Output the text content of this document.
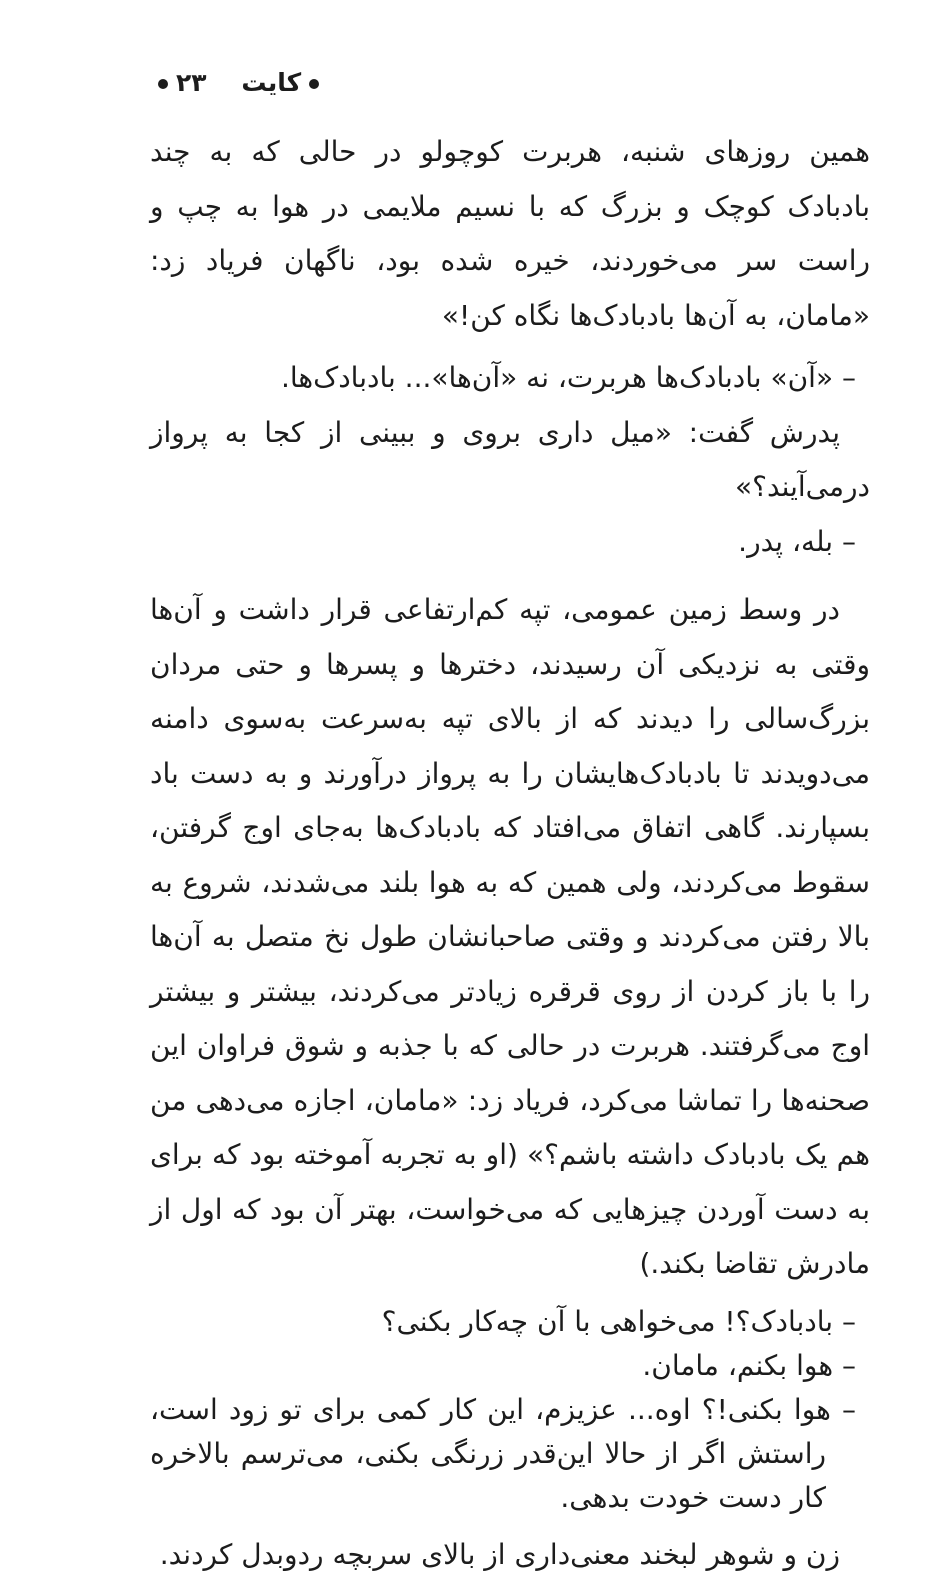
کایت    ۲۳

همین روزهای شنبه، هربرت کوچولو در حالی که به چند بادبادک کوچک و بزرگ که با نسیم ملایمی در هوا به چپ و راست سر می‌خوردند، خیره شده بود، ناگهان فریاد زد: «مامان، به آن‌ها بادبادک‌ها نگاه کن!»

– «آن» بادبادک‌ها هربرت، نه «آن‌ها»... بادبادک‌ها.

پدرش گفت: «میل داری بروی و ببینی از کجا به پرواز درمی‌آیند؟»

– بله، پدر.

در وسط زمین عمومی، تپه کم‌ارتفاعی قرار داشت و آن‌ها وقتی به نزدیکی آن رسیدند، دخترها و پسرها و حتی مردان بزرگ‌سالی را دیدند که از بالای تپه به‌سرعت به‌سوی دامنه می‌دویدند تا بادبادک‌هایشان را به پرواز درآورند و به دست باد بسپارند. گاهی اتفاق می‌افتاد که بادبادک‌ها به‌جای اوج گرفتن، سقوط می‌کردند، ولی همین که به هوا بلند می‌شدند، شروع به بالا رفتن می‌کردند و وقتی صاحبانشان طول نخ متصل به آن‌ها را با باز کردن از روی قرقره زیادتر می‌کردند، بیشتر و بیشتر اوج می‌گرفتند. هربرت در حالی که با جذبه و شوق فراوان این صحنه‌ها را تماشا می‌کرد، فریاد زد: «مامان، اجازه می‌دهی من هم یک بادبادک داشته باشم؟» (او به تجربه آموخته بود که برای به دست آوردن چیزهایی که می‌خواست، بهتر آن بود که اول از مادرش تقاضا بکند.)

– بادبادک؟! می‌خواهی با آن چه‌کار بکنی؟

– هوا بکنم، مامان.

– هوا بکنی!؟ اوه... عزیزم، این کار کمی برای تو زود است، راستش اگر از حالا این‌قدر زرنگی بکنی، می‌ترسم بالاخره کار دست خودت بدهی.

زن و شوهر لبخند معنی‌داری از بالای سربچه ردوبدل کردند.
